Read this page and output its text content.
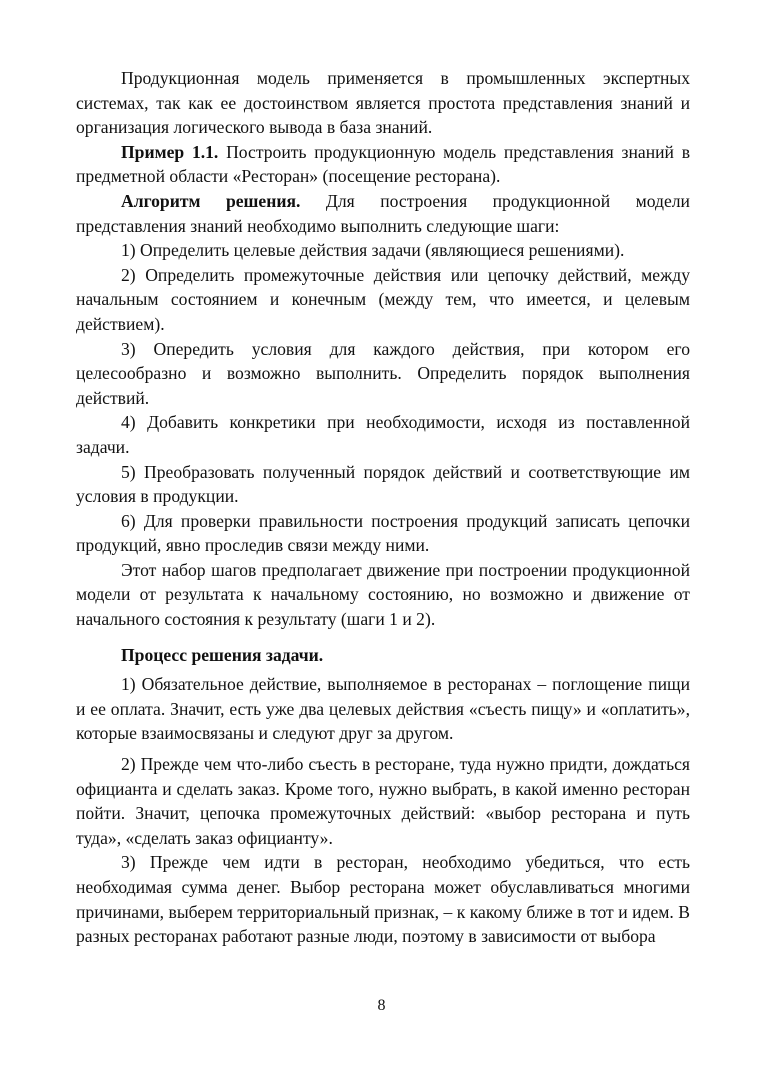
Продукционная модель применяется в промышленных экспертных системах, так как ее достоинством является простота представления знаний и организация логического вывода в база знаний.

Пример 1.1. Построить продукционную модель представления знаний в предметной области «Ресторан» (посещение ресторана).

Алгоритм решения. Для построения продукционной модели представления знаний необходимо выполнить следующие шаги:

1) Определить целевые действия задачи (являющиеся решениями).

2) Определить промежуточные действия или цепочку действий, между начальным состоянием и конечным (между тем, что имеется, и целевым действием).

3) Опередить условия для каждого действия, при котором его целесообразно и возможно выполнить. Определить порядок выполнения действий.

4) Добавить конкретики при необходимости, исходя из поставленной задачи.

5) Преобразовать полученный порядок действий и соответствующие им условия в продукции.

6) Для проверки правильности построения продукций записать цепочки продукций, явно проследив связи между ними.

Этот набор шагов предполагает движение при построении продукционной модели от результата к начальному состоянию, но возможно и движение от начального состояния к результату (шаги 1 и 2).

Процесс решения задачи.

1) Обязательное действие, выполняемое в ресторанах – поглощение пищи и ее оплата. Значит, есть уже два целевых действия «съесть пищу» и «оплатить», которые взаимосвязаны и следуют друг за другом.

2) Прежде чем что-либо съесть в ресторане, туда нужно придти, дождаться официанта и сделать заказ. Кроме того, нужно выбрать, в какой именно ресторан пойти. Значит, цепочка промежуточных действий: «выбор ресторана и путь туда», «сделать заказ официанту».

3) Прежде чем идти в ресторан, необходимо убедиться, что есть необходимая сумма денег. Выбор ресторана может обуславливаться многими причинами, выберем территориальный признак, – к какому ближе в тот и идем. В разных ресторанах работают разные люди, поэтому в зависимости от выбора

8
